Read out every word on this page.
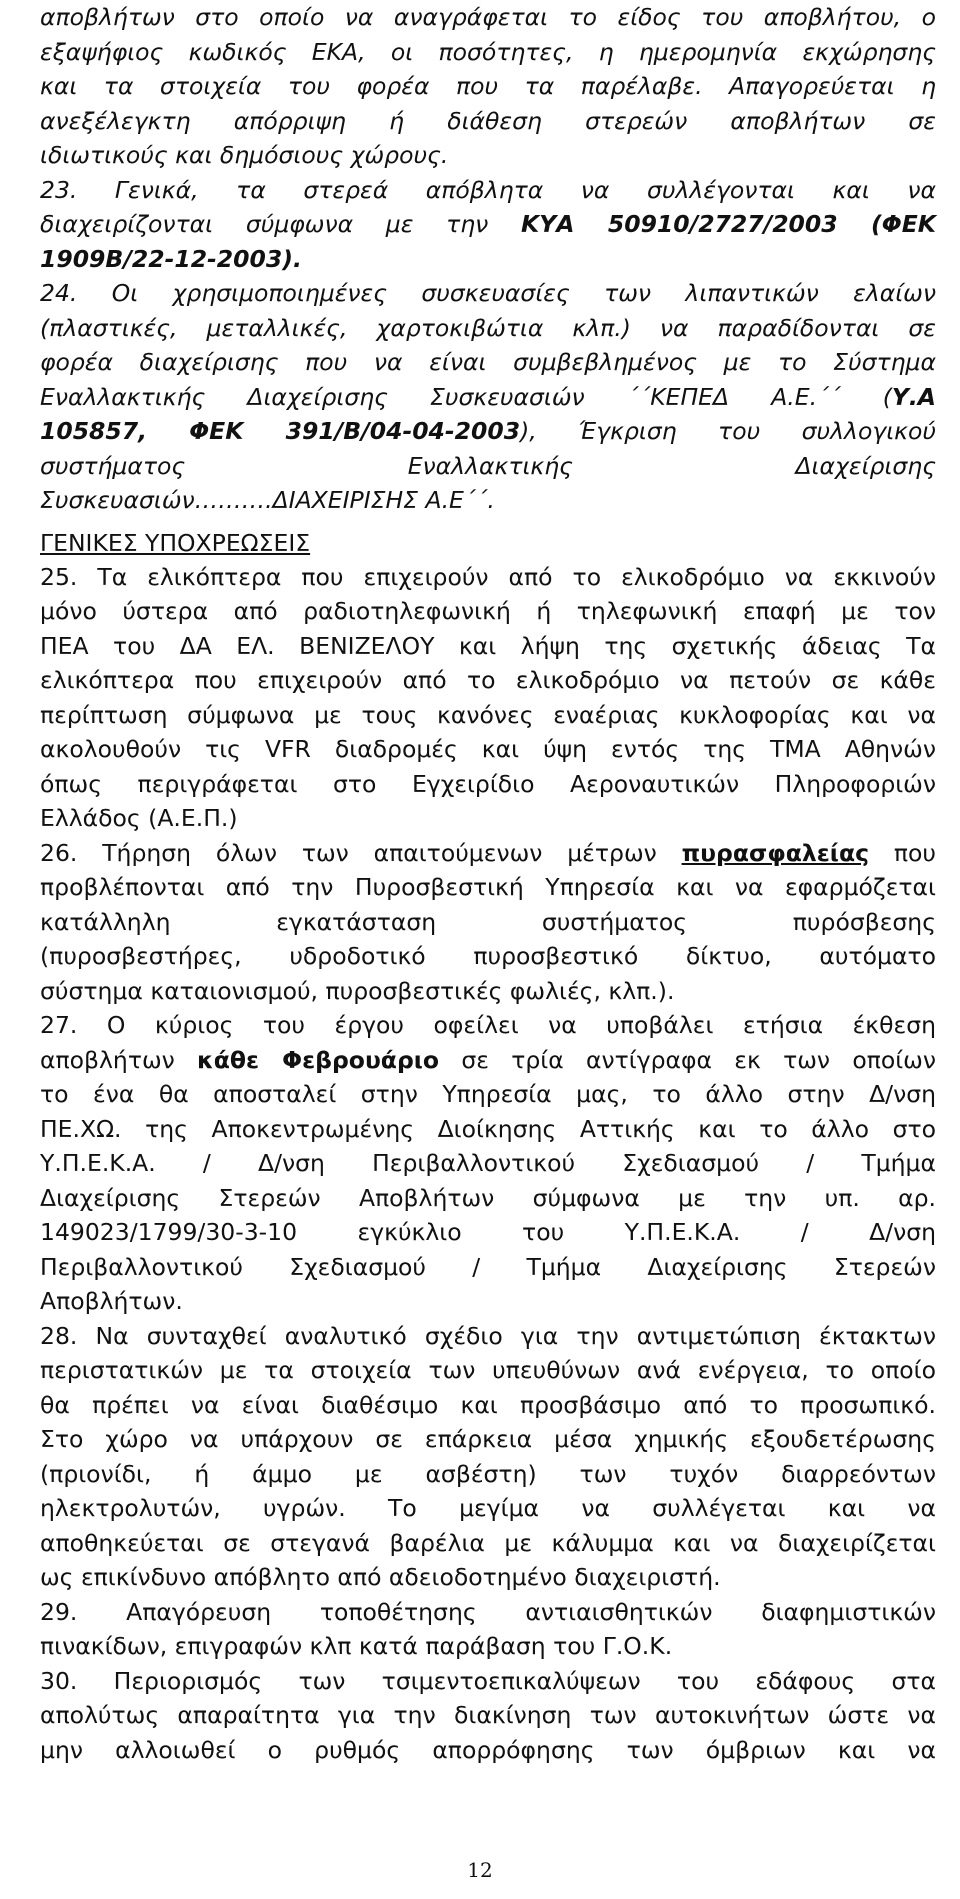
αποβλήτων στο οποίο να αναγράφεται το είδος του αποβλήτου, ο
εξαψήφιος κωδικός ΕΚΑ, οι ποσότητες, η ημερομηνία εκχώρησης
και τα στοιχεία του φορέα που τα παρέλαβε. Απαγορεύεται η
ανεξέλεγκτη απόρριψη ή διάθεση στερεών αποβλήτων σε
ιδιωτικούς και δημόσιους χώρους.
23. Γενικά, τα στερεά απόβλητα να συλλέγονται και να
διαχειρίζονται σύμφωνα με την ΚΥΑ 50910/2727/2003 (ΦΕΚ
1909Β/22-12-2003).
24. Οι χρησιμοποιημένες συσκευασίες των λιπαντικών ελαίων
(πλαστικές, μεταλλικές, χαρτοκιβώτια κλπ.) να παραδίδονται σε
φορέα διαχείρισης που να είναι συμβεβλημένος με το Σύστημα
Εναλλακτικής Διαχείρισης Συσκευασιών ΄΄ΚΕΠΕΔ Α.Ε.΄΄ (Υ.Α
105857, ΦΕΚ 391/Β/04-04-2003), Έγκριση του συλλογικού
συστήματος Εναλλακτικής Διαχείρισης
Συσκευασιών……….ΔΙΑΧΕΙΡΙΣΗΣ Α.Ε΄΄.
ΓΕΝΙΚΕΣ ΥΠΟΧΡΕΩΣΕΙΣ
25. Τα ελικόπτερα που επιχειρούν από το ελικοδρόμιο να εκκινούν
μόνο ύστερα από ραδιοτηλεφωνική ή τηλεφωνική επαφή με τον
ΠΕΑ του ΔΑ ΕΛ. ΒΕΝΙΖΕΛΟΥ και λήψη της σχετικής άδειας Τα
ελικόπτερα που επιχειρούν από το ελικοδρόμιο να πετούν σε κάθε
περίπτωση σύμφωνα με τους κανόνες εναέριας κυκλοφορίας και να
ακολουθούν τις VFR διαδρομές και ύψη εντός της ΤΜΑ Αθηνών
όπως περιγράφεται στο Εγχειρίδιο Αεροναυτικών Πληροφοριών
Ελλάδος (Α.Ε.Π.)
26. Τήρηση όλων των απαιτούμενων μέτρων πυρασφαλείας που
προβλέπονται από την Πυροσβεστική Υπηρεσία και να εφαρμόζεται
κατάλληλη εγκατάσταση συστήματος πυρόσβεσης
(πυροσβεστήρες, υδροδοτικό πυροσβεστικό δίκτυο, αυτόματο
σύστημα καταιονισμού, πυροσβεστικές φωλιές, κλπ.).
27. Ο κύριος του έργου οφείλει να υποβάλει ετήσια έκθεση
αποβλήτων κάθε Φεβρουάριο σε τρία αντίγραφα εκ των οποίων
το ένα θα αποσταλεί στην Υπηρεσία μας, το άλλο στην Δ/νση
ΠΕ.ΧΩ. της Αποκεντρωμένης Διοίκησης Αττικής και το άλλο στο
Υ.Π.Ε.Κ.Α. / Δ/νση Περιβαλλοντικού Σχεδιασμού / Τμήμα
Διαχείρισης Στερεών Αποβλήτων σύμφωνα με την υπ. αρ.
149023/1799/30-3-10 εγκύκλιο του Υ.Π.Ε.Κ.Α. / Δ/νση
Περιβαλλοντικού Σχεδιασμού / Τμήμα Διαχείρισης Στερεών
Αποβλήτων.
28. Να συνταχθεί αναλυτικό σχέδιο για την αντιμετώπιση έκτακτων
περιστατικών με τα στοιχεία των υπευθύνων ανά ενέργεια, το οποίο
θα πρέπει να είναι διαθέσιμο και προσβάσιμο από το προσωπικό.
Στο χώρο να υπάρχουν σε επάρκεια μέσα χημικής εξουδετέρωσης
(πριονίδι, ή άμμο με ασβέστη) των τυχόν διαρρεόντων
ηλεκτρολυτών, υγρών. Το μεγίμα να συλλέγεται και να
αποθηκεύεται σε στεγανά βαρέλια με κάλυμμα και να διαχειρίζεται
ως επικίνδυνο απόβλητο από αδειοδοτημένο διαχειριστή.
29. Απαγόρευση τοποθέτησης αντιαισθητικών διαφημιστικών
πινακίδων, επιγραφών κλπ κατά παράβαση του Γ.Ο.Κ.
30. Περιορισμός των τσιμεντοεπικαλύψεων του εδάφους στα
απολύτως απαραίτητα για την διακίνηση των αυτοκινήτων ώστε να
μην αλλοιωθεί ο ρυθμός απορρόφησης των όμβριων και να
12
